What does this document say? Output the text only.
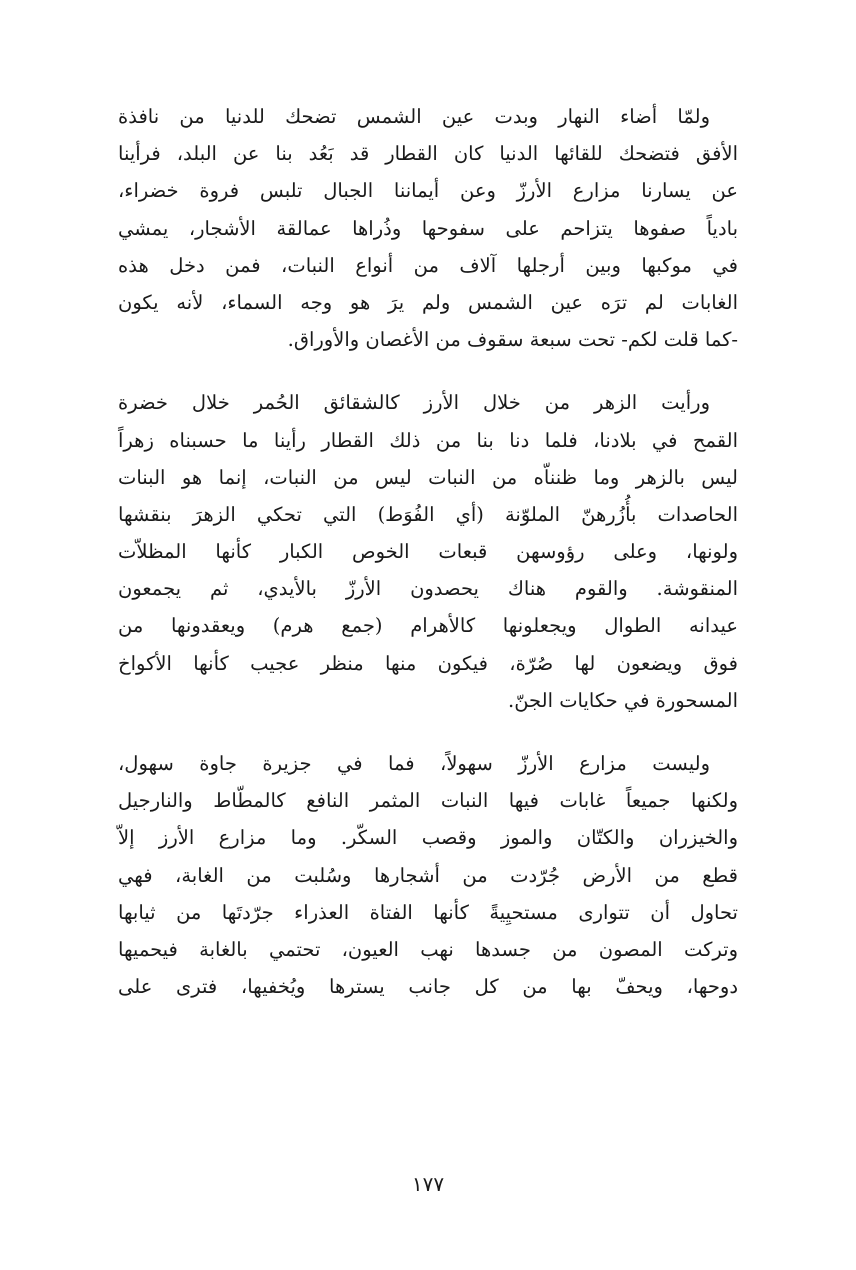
ولمّا أضاء النهار وبدت عين الشمس تضحك للدنيا من نافذة
الأفق فتضحك للقائها الدنيا كان القطار قد بَعُد بنا عن البلد، فرأينا
عن يسارنا مزارع الأرزّ وعن أيماننا الجبال تلبس فروة خضراء،
بادياً صفوها يتزاحم على سفوحها وذُراها عمالقة الأشجار، يمشي
في موكبها وبين أرجلها آلاف من أنواع النبات، فمن دخل هذه
الغابات لم ترَه عين الشمس ولم يرَ هو وجه السماء، لأنه يكون
-كما قلت لكم- تحت سبعة سقوف من الأغصان والأوراق.
ورأيت الزهر من خلال الأرز كالشقائق الحُمر خلال خضرة
القمح في بلادنا، فلما دنا بنا من ذلك القطار رأينا ما حسبناه زهراً
ليس بالزهر وما ظنناّه من النبات ليس من النبات، إنما هو البنات
الحاصدات بأُزُرهنّ الملوّنة (أي الفُوَط) التي تحكي الزهرَ بنقشها
ولونها، وعلى رؤوسهن قبعات الخوص الكبار كأنها المظلاّت
المنقوشة. والقوم هناك يحصدون الأرزّ بالأيدي، ثم يجمعون
عيدانه الطوال ويجعلونها كالأهرام (جمع هرم) ويعقدونها من
فوق ويضعون لها صُرّة، فيكون منها منظر عجيب كأنها الأكواخ
المسحورة في حكايات الجنّ.
وليست مزارع الأرزّ سهولاً، فما في جزيرة جاوة سهول،
ولكنها جميعاً غابات فيها النبات المثمر النافع كالمطّاط والنارجيل
والخيزران والكتّان والموز وقصب السكّر. وما مزارع الأرز إلاّ
قطع من الأرض جُرّدت من أشجارها وسُلبت من الغابة، فهي
تحاول أن تتوارى مستحيِيةً كأنها الفتاة العذراء جرّدتَها من ثيابها
وتركت المصون من جسدها نهب العيون، تحتمي بالغابة فيحميها
دوحها، ويحفّ بها من كل جانب يسترها ويُخفيها، فترى على
١٧٧
